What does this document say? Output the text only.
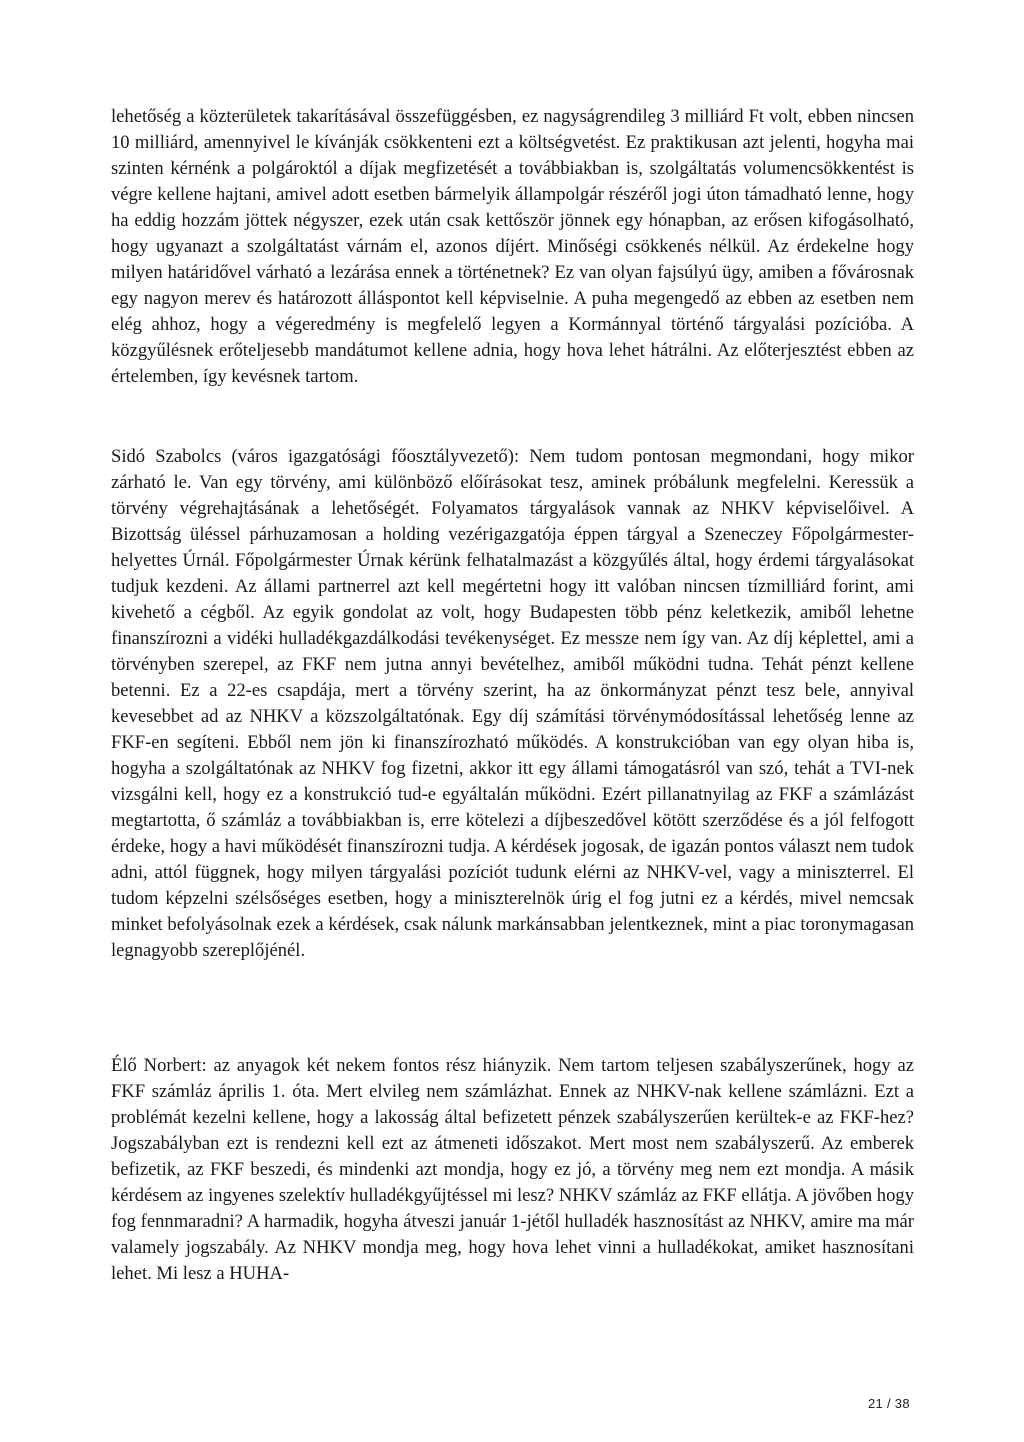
lehetőség a közterületek takarításával összefüggésben, ez nagyságrendileg 3 milliárd Ft volt, ebben nincsen 10 milliárd, amennyivel le kívánják csökkenteni ezt a költségvetést. Ez praktikusan azt jelenti, hogyha mai szinten kérnénk a polgároktól a díjak megfizetését a továbbiakban is, szolgáltatás volumencsökkentést is végre kellene hajtani, amivel adott esetben bármelyik állampolgár részéről jogi úton támadható lenne, hogy ha eddig hozzám jöttek négyszer, ezek után csak kettőször jönnek egy hónapban, az erősen kifogásolható, hogy ugyanazt a szolgáltatást várnám el, azonos díjért. Minőségi csökkenés nélkül. Az érdekelne hogy milyen határidővel várható a lezárása ennek a történetnek? Ez van olyan fajsúlyú ügy, amiben a fővárosnak egy nagyon merev és határozott álláspontot kell képviselnie. A puha megengedő az ebben az esetben nem elég ahhoz, hogy a végeredmény is megfelelő legyen a Kormánnyal történő tárgyalási pozícióba. A közgyűlésnek erőteljesebb mandátumot kellene adnia, hogy hova lehet hátrálni. Az előterjesztést ebben az értelemben, így kevésnek tartom.

Sidó Szabolcs (város igazgatósági főosztályvezető): Nem tudom pontosan megmondani, hogy mikor zárható le. Van egy törvény, ami különböző előírásokat tesz, aminek próbálunk megfelelni. Keressük a törvény végrehajtásának a lehetőségét. Folyamatos tárgyalások vannak az NHKV képviselőivel. A Bizottság üléssel párhuzamosan a holding vezérigazgatója éppen tárgyal a Szeneczey Főpolgármester-helyettes Úrnál. Főpolgármester Úrnak kérünk felhatalmazást a közgyűlés által, hogy érdemi tárgyalásokat tudjuk kezdeni. Az állami partnerrel azt kell megértetni hogy itt valóban nincsen tízmilliárd forint, ami kivehető a cégből. Az egyik gondolat az volt, hogy Budapesten több pénz keletkezik, amiből lehetne finanszírozni a vidéki hulladékgazdálkodási tevékenységet. Ez messze nem így van. Az díj képlettel, ami a törvényben szerepel, az FKF nem jutna annyi bevételhez, amiből működni tudna. Tehát pénzt kellene betenni. Ez a 22-es csapdája, mert a törvény szerint, ha az önkormányzat pénzt tesz bele, annyival kevesebbet ad az NHKV a közszolgáltatónak. Egy díj számítási törvénymódosítással lehetőség lenne az FKF-en segíteni. Ebből nem jön ki finanszírozható működés. A konstrukcióban van egy olyan hiba is, hogyha a szolgáltatónak az NHKV fog fizetni, akkor itt egy állami támogatásról van szó, tehát a TVI-nek vizsgálni kell, hogy ez a konstrukció tud-e egyáltalán működni. Ezért pillanatnyilag az FKF a számlázást megtartotta, ő számláz a továbbiakban is, erre kötelezi a díjbeszedővel kötött szerződése és a jól felfogott érdeke, hogy a havi működését finanszírozni tudja. A kérdések jogosak, de igazán pontos választ nem tudok adni, attól függnek, hogy milyen tárgyalási pozíciót tudunk elérni az NHKV-vel, vagy a miniszterrel. El tudom képzelni szélsőséges esetben, hogy a miniszterelnök úrig el fog jutni ez a kérdés, mivel nemcsak minket befolyásolnak ezek a kérdések, csak nálunk markánsabban jelentkeznek, mint a piac toronymagasan legnagyobb szereplőjénél.

Élő Norbert: az anyagok két nekem fontos rész hiányzik. Nem tartom teljesen szabályszerűnek, hogy az FKF számláz április 1. óta. Mert elvileg nem számlázhat. Ennek az NHKV-nak kellene számlázni. Ezt a problémát kezelni kellene, hogy a lakosság által befizetett pénzek szabályszerűen kerültek-e az FKF-hez? Jogszabályban ezt is rendezni kell ezt az átmeneti időszakot. Mert most nem szabályszerű. Az emberek befizetik, az FKF beszedi, és mindenki azt mondja, hogy ez jó, a törvény meg nem ezt mondja. A másik kérdésem az ingyenes szelektív hulladékgyűjtéssel mi lesz? NHKV számláz az FKF ellátja. A jövőben hogy fog fennmaradni? A harmadik, hogyha átveszi január 1-jétől hulladék hasznosítást az NHKV, amire ma már valamely jogszabály. Az NHKV mondja meg, hogy hova lehet vinni a hulladékokat, amiket hasznosítani lehet. Mi lesz a HUHA-

21 / 38
